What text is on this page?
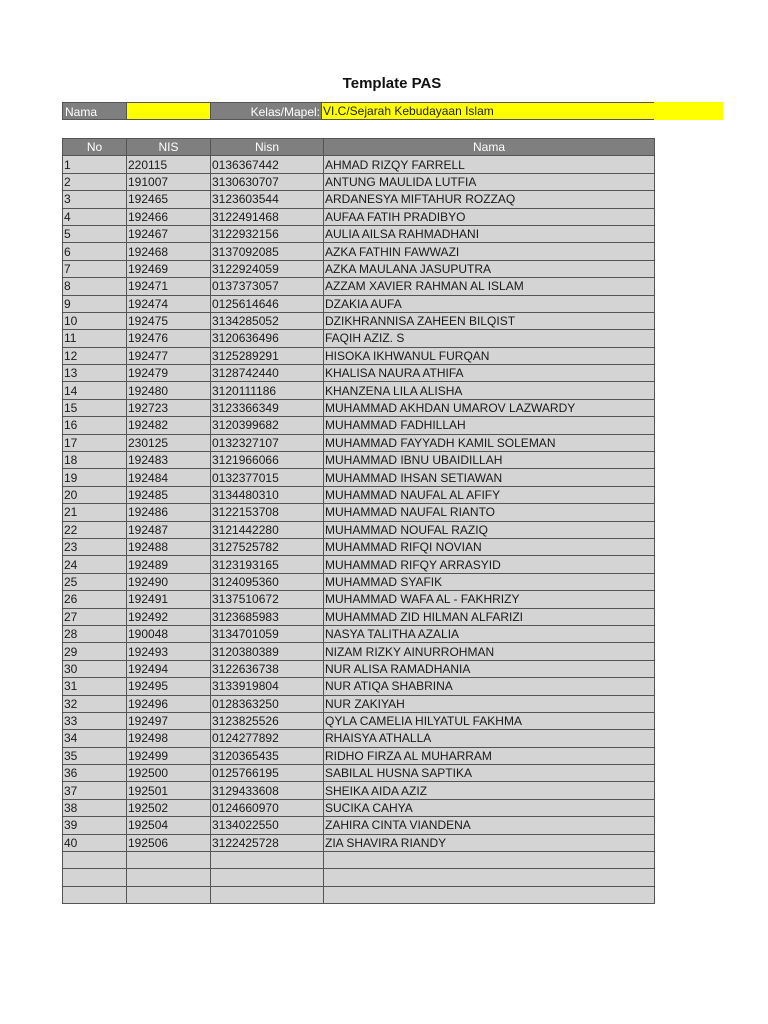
Template PAS
Nama	Kelas/Mapel: VI.C/Sejarah Kebudayaan Islam
No	NIS	Nisn	Nama
1	220115	0136367442	AHMAD RIZQY FARRELL
2	191007	3130630707	ANTUNG MAULIDA LUTFIA
3	192465	3123603544	ARDANESYA MIFTAHUR ROZZAQ
4	192466	3122491468	AUFAA FATIH PRADIBYO
5	192467	3122932156	AULIA AILSA RAHMADHANI
6	192468	3137092085	AZKA FATHIN FAWWAZI
7	192469	3122924059	AZKA MAULANA JASUPUTRA
8	192471	0137373057	AZZAM XAVIER RAHMAN AL ISLAM
9	192474	0125614646	DZAKIA AUFA
10	192475	3134285052	DZIKHRANNISA ZAHEEN BILQIST
11	192476	3120636496	FAQIH AZIZ. S
12	192477	3125289291	HISOKA IKHWANUL FURQAN
13	192479	3128742440	KHALISA NAURA ATHIFA
14	192480	3120111186	KHANZENA LILA ALISHA
15	192723	3123366349	MUHAMMAD AKHDAN UMAROV LAZWARDY
16	192482	3120399682	MUHAMMAD FADHILLAH
17	230125	0132327107	MUHAMMAD FAYYADH KAMIL SOLEMAN
18	192483	3121966066	MUHAMMAD IBNU UBAIDILLAH
19	192484	0132377015	MUHAMMAD IHSAN SETIAWAN
20	192485	3134480310	MUHAMMAD NAUFAL AL AFIFY
21	192486	3122153708	MUHAMMAD NAUFAL RIANTO
22	192487	3121442280	MUHAMMAD NOUFAL RAZIQ
23	192488	3127525782	MUHAMMAD RIFQI NOVIAN
24	192489	3123193165	MUHAMMAD RIFQY ARRASYID
25	192490	3124095360	MUHAMMAD SYAFIK
26	192491	3137510672	MUHAMMAD WAFA AL - FAKHRIZY
27	192492	3123685983	MUHAMMAD ZID HILMAN ALFARIZI
28	190048	3134701059	NASYA TALITHA AZALIA
29	192493	3120380389	NIZAM RIZKY AINURROHMAN
30	192494	3122636738	NUR ALISA RAMADHANIA
31	192495	3133919804	NUR ATIQA SHABRINA
32	192496	0128363250	NUR ZAKIYAH
33	192497	3123825526	QYLA CAMELIA HILYATUL FAKHMA
34	192498	0124277892	RHAISYA ATHALLA
35	192499	3120365435	RIDHO FIRZA AL MUHARRAM
36	192500	0125766195	SABILAL HUSNA SAPTIKA
37	192501	3129433608	SHEIKA AIDA AZIZ
38	192502	0124660970	SUCIKA CAHYA
39	192504	3134022550	ZAHIRA CINTA VIANDENA
40	192506	3122425728	ZIA SHAVIRA RIANDY
